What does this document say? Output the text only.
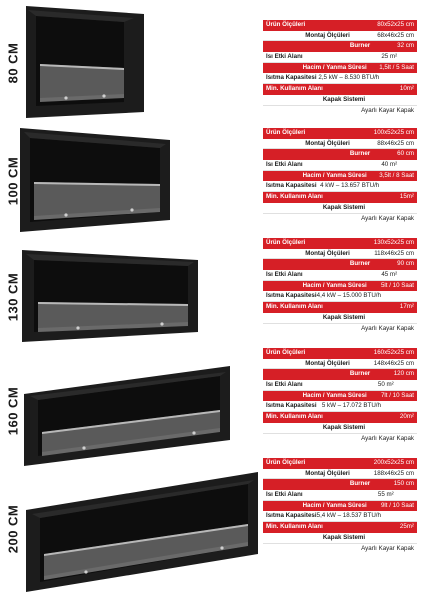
80 CM
Ürün Ölçüleri	80x52x25 cm
Montaj Ölçüleri	68x46x25 cm
Burner	32 cm
Isı Etki Alanı	25 m²
Hacim / Yanma Süresi 1,5lt / 5 Saat
Isıtma Kapasitesi 2,5 kW – 8.530 BTU/h
Min. Kullanım Alanı	10m²
Kapak Sistemi
Ayarlı Kayar Kapak
100 CM
Ürün Ölçüleri	100x52x25 cm
Montaj Ölçüleri	88x46x25 cm
Burner	60 cm
Isı Etki Alanı	40 m²
Hacim / Yanma Süresi 3,5lt / 8 Saat
Isıtma Kapasitesi 4 kW – 13.657 BTU/h
Min. Kullanım Alanı	15m²
Kapak Sistemi
Ayarlı Kayar Kapak
130 CM
Ürün Ölçüleri	130x52x25 cm
Montaj Ölçüleri	118x46x25 cm
Burner	90 cm
Isı Etki Alanı	45 m²
Hacim / Yanma Süresi 5lt / 10 Saat
Isıtma Kapasitesi 4,4 kW – 15.000 BTU/h
Min. Kullanım Alanı	17m²
Kapak Sistemi
Ayarlı Kayar Kapak
160 CM
Ürün Ölçüleri	160x52x25 cm
Montaj Ölçüleri	148x46x25 cm
Burner	120 cm
Isı Etki Alanı	50 m²
Hacim / Yanma Süresi 7lt / 10 Saat
Isıtma Kapasitesi 5 kW – 17.072 BTU/h
Min. Kullanım Alanı	20m²
Kapak Sistemi
Ayarlı Kayar Kapak
200 CM
Ürün Ölçüleri	200x52x25 cm
Montaj Ölçüleri	188x46x25 cm
Burner	150 cm
Isı Etki Alanı	55 m²
Hacim / Yanma Süresi 9lt / 10 Saat
Isıtma Kapasitesi 5,4 kW – 18.537 BTU/h
Min. Kullanım Alanı	25m²
Kapak Sistemi
Ayarlı Kayar Kapak
